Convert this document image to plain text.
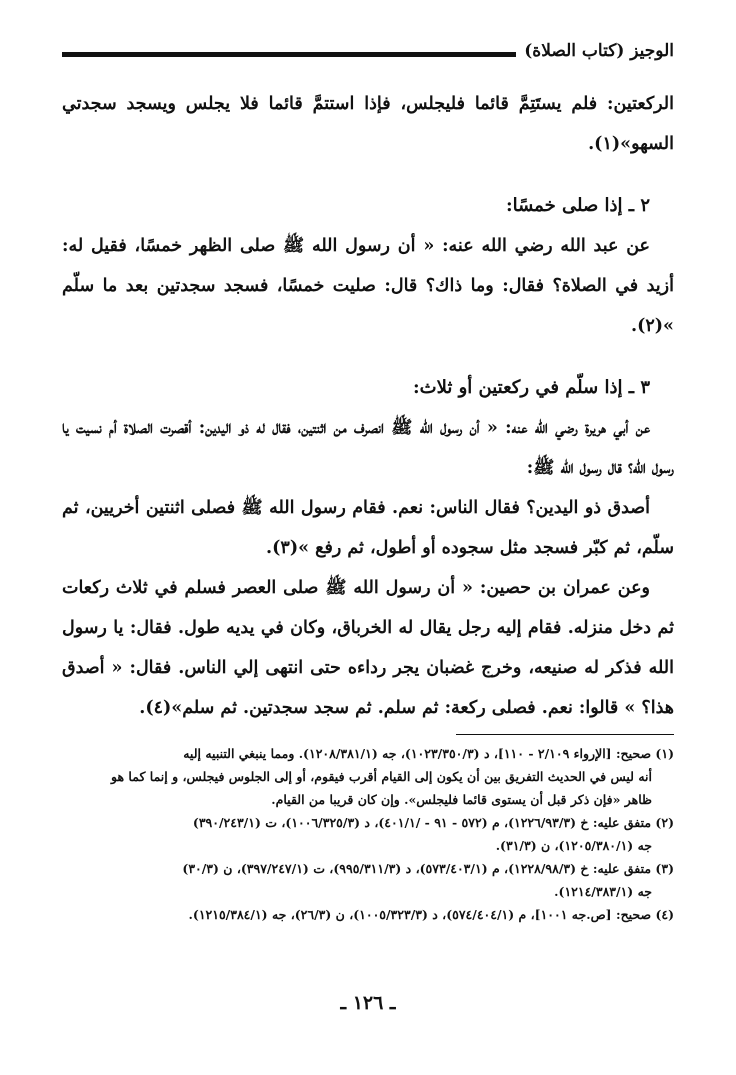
الوجيز (كتاب الصلاة)

الركعتين: فلم يستَتِمَّ قائما فليجلس، فإذا استتمَّ قائما فلا يجلس ويسجد سجدتي السهو»(١).

٢ ـ إذا صلى خمسًا:

عن عبد الله رضي الله عنه: « أن رسول الله ﷺ صلى الظهر خمسًا، فقيل له: أزيد في الصلاة؟ فقال: وما ذاك؟ قال: صليت خمسًا، فسجد سجدتين بعد ما سلّم »(٢).

٣ ـ إذا سلّم في ركعتين أو ثلاث:

عن أبي هريرة رضي الله عنه: « أن رسول الله ﷺ انصرف من اثنتين، فقال له ذو اليدين: أقصرت الصلاة أم نسيت يا رسول الله؟ قال رسول الله ﷺ:

أصدق ذو اليدين؟ فقال الناس: نعم. فقام رسول الله ﷺ فصلى اثنتين أخريين، ثم سلّم، ثم كبّر فسجد مثل سجوده أو أطول، ثم رفع »(٣).

وعن عمران بن حصين: « أن رسول الله ﷺ صلى العصر فسلم في ثلاث ركعات ثم دخل منزله. فقام إليه رجل يقال له الخرباق، وكان في يديه طول. فقال: يا رسول الله فذكر له صنيعه، وخرج غضبان يجر رداءه حتى انتهى إلي الناس. فقال: « أصدق هذا؟ » قالوا: نعم. فصلى ركعة: ثم سلم. ثم سجد سجدتين. ثم سلم»(٤).

(١) صحيح: [الإرواء ٢/١٠٩ - ١١٠]، د (١٠٢٣/٣٥٠/٣)، جه (١٢٠٨/٣٨١/١). ومما ينبغي التنبيه إليه

أنه ليس في الحديث التفريق بين أن يكون إلى القيام أقرب فيقوم، أو إلى الجلوس فيجلس، و إنما كما هو

ظاهر «فإن ذكر قبل أن يستوى قائما فليجلس». وإن كان قريبا من القيام.

(٢) متفق عليه: خ (١٢٢٦/٩٣/٣)، م (٥٧٢ - ٩١ - /٤٠١/١)، د (١٠٠٦/٣٢٥/٣)، ت (٣٩٠/٢٤٣/١)

جه (١٢٠٥/٣٨٠/١)، ن (٣١/٣).

(٣) متفق عليه: خ (١٢٢٨/٩٨/٣)، م (٥٧٣/٤٠٣/١)، د (٩٩٥/٣١١/٣)، ت (٣٩٧/٢٤٧/١)، ن (٣٠/٣)

جه (١٢١٤/٣٨٣/١).

(٤) صحيح: [ص.جه ١٠٠١]، م (٥٧٤/٤٠٤/١)، د (١٠٠٥/٣٢٣/٣)، ن (٢٦/٣)، جه (١٢١٥/٣٨٤/١).

ـ ١٢٦ ـ
